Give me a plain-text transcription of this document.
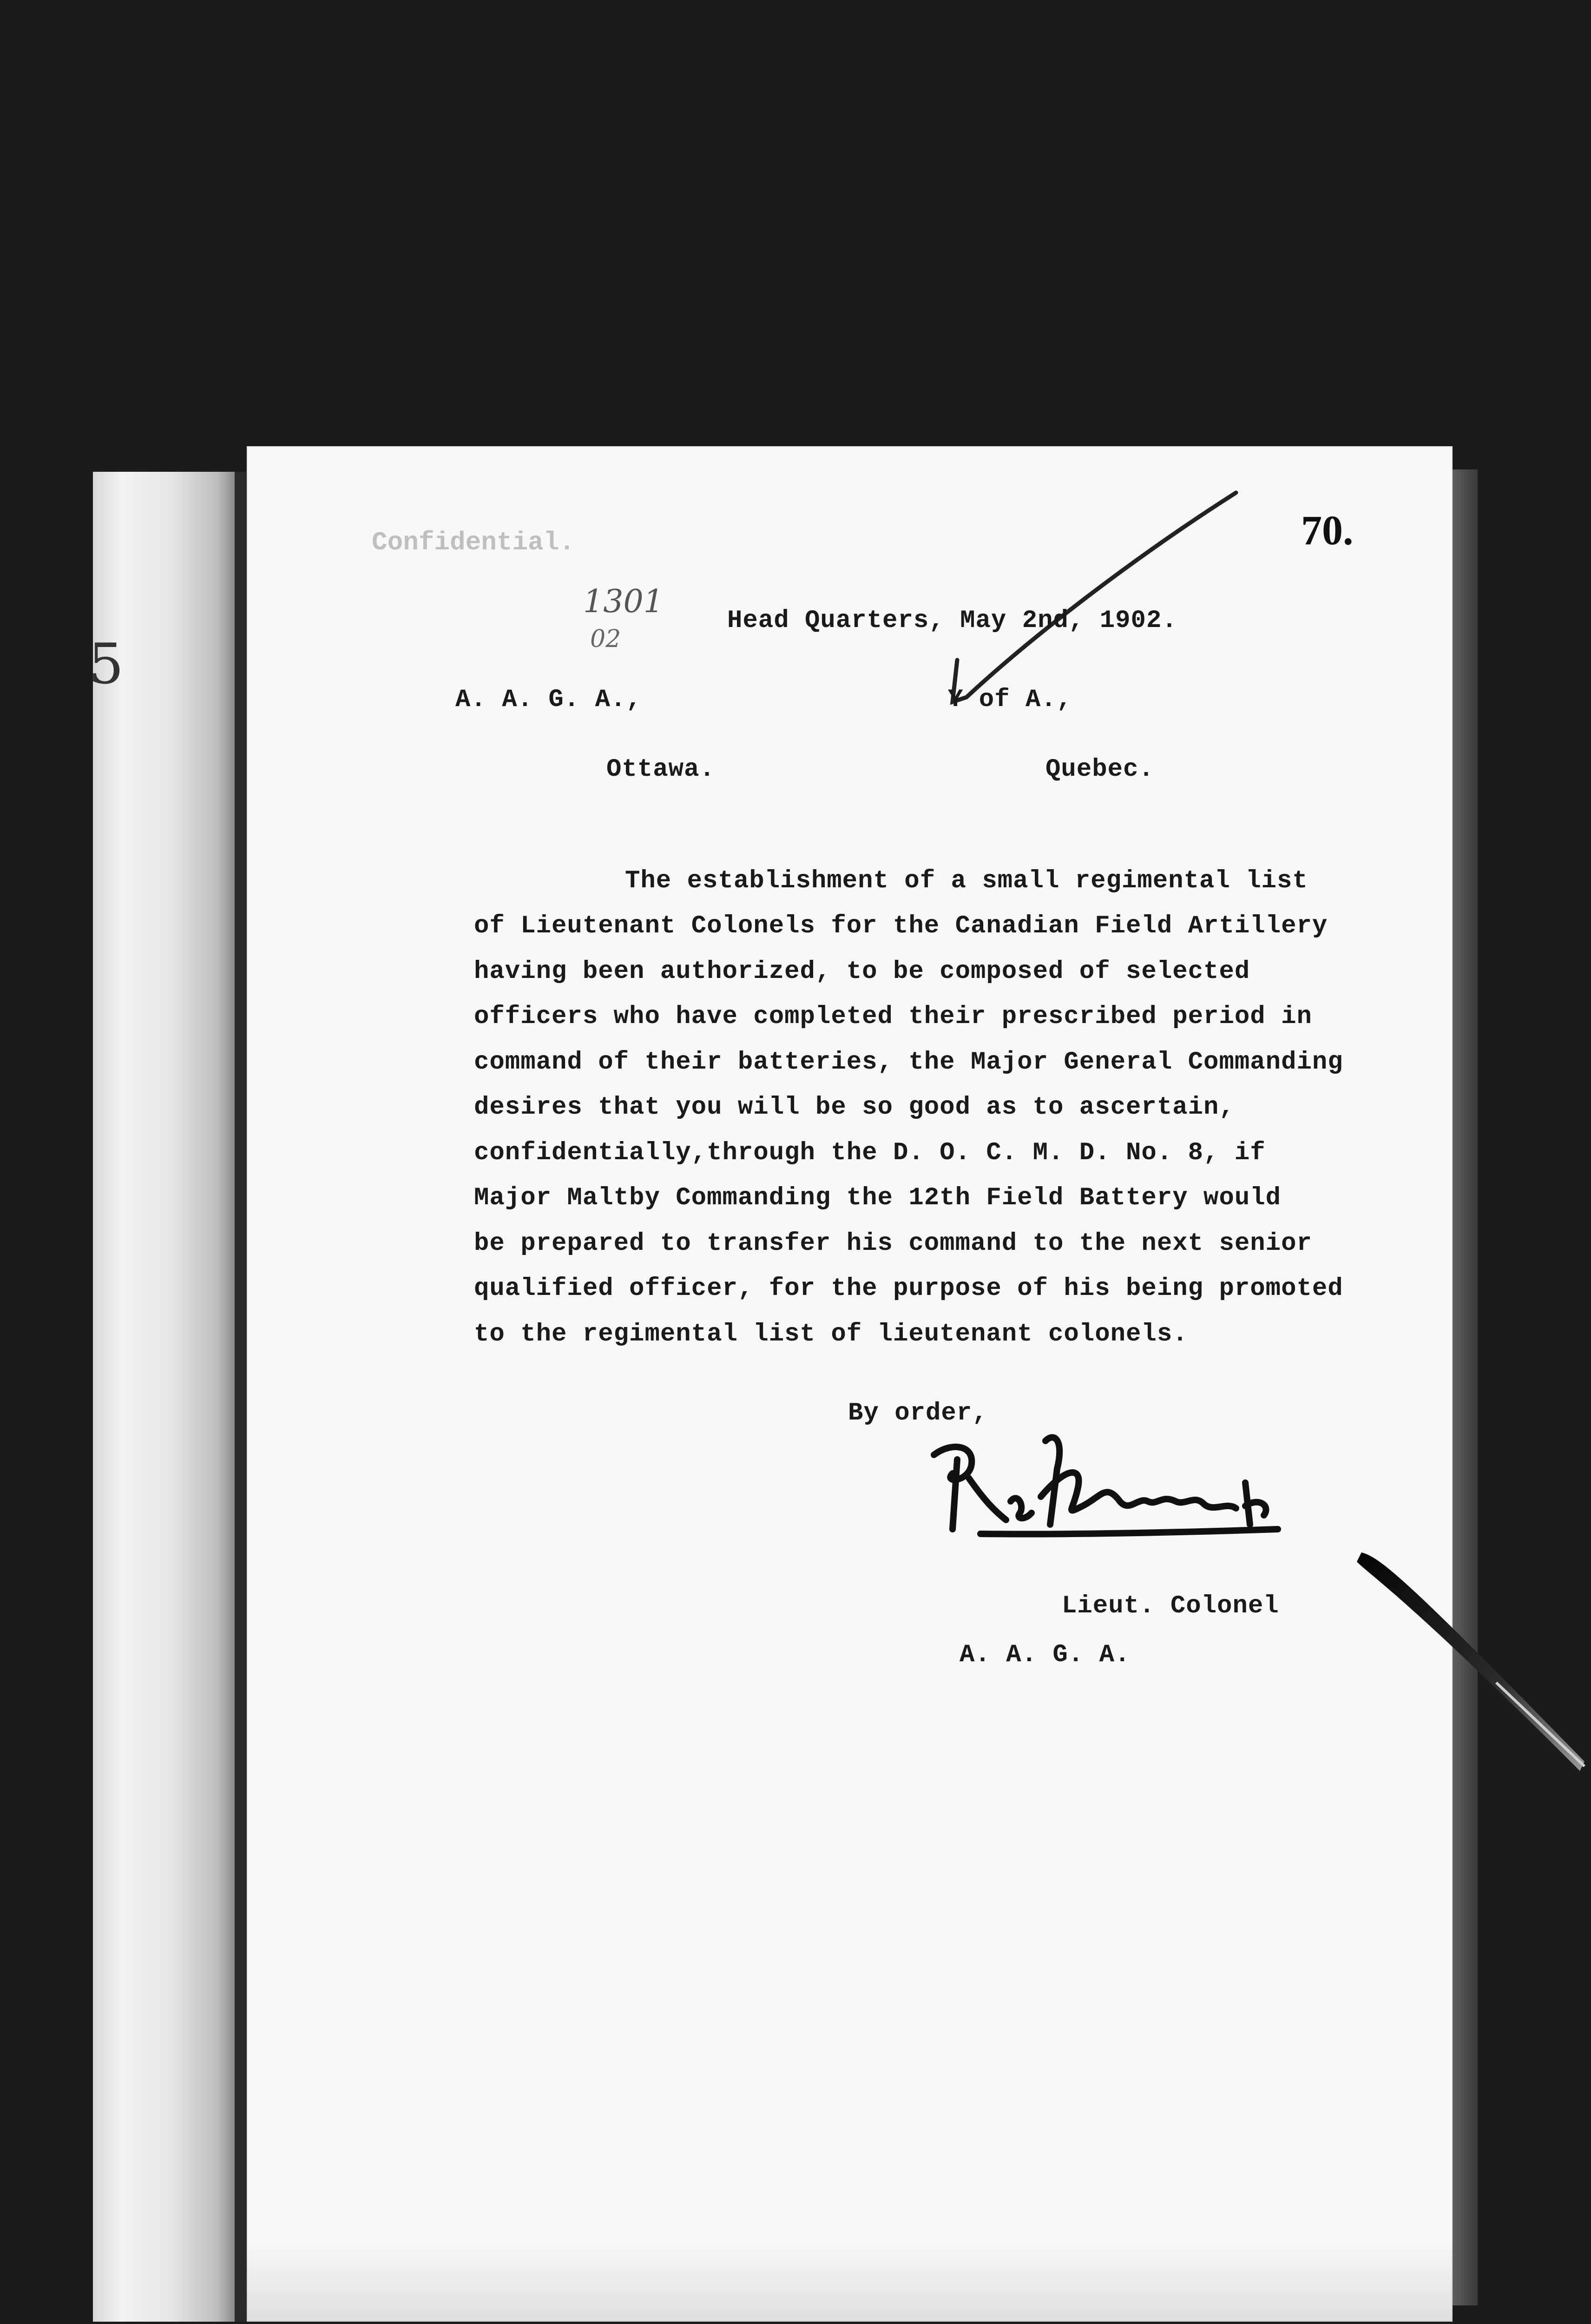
5
70.
Confidential.
1301
02
Head Quarters, May 2nd, 1902.
A. A. G. A.,	Y of A.,
Ottawa.	Quebec.
The establishment of a small regimental list
of Lieutenant Colonels for the Canadian Field Artillery
having been authorized, to be composed of selected
officers who have completed their prescribed period in
command of their batteries, the Major General Commanding
desires that you will be so good as to ascertain,
confidentially,through the D. O. C. M. D. No. 8, if
Major Maltby Commanding the 12th Field Battery would
be prepared to transfer his command to the next senior
qualified officer, for the purpose of his being promoted
to the regimental list of lieutenant colonels.
By order,
Lieut. Colonel
A. A. G. A.
